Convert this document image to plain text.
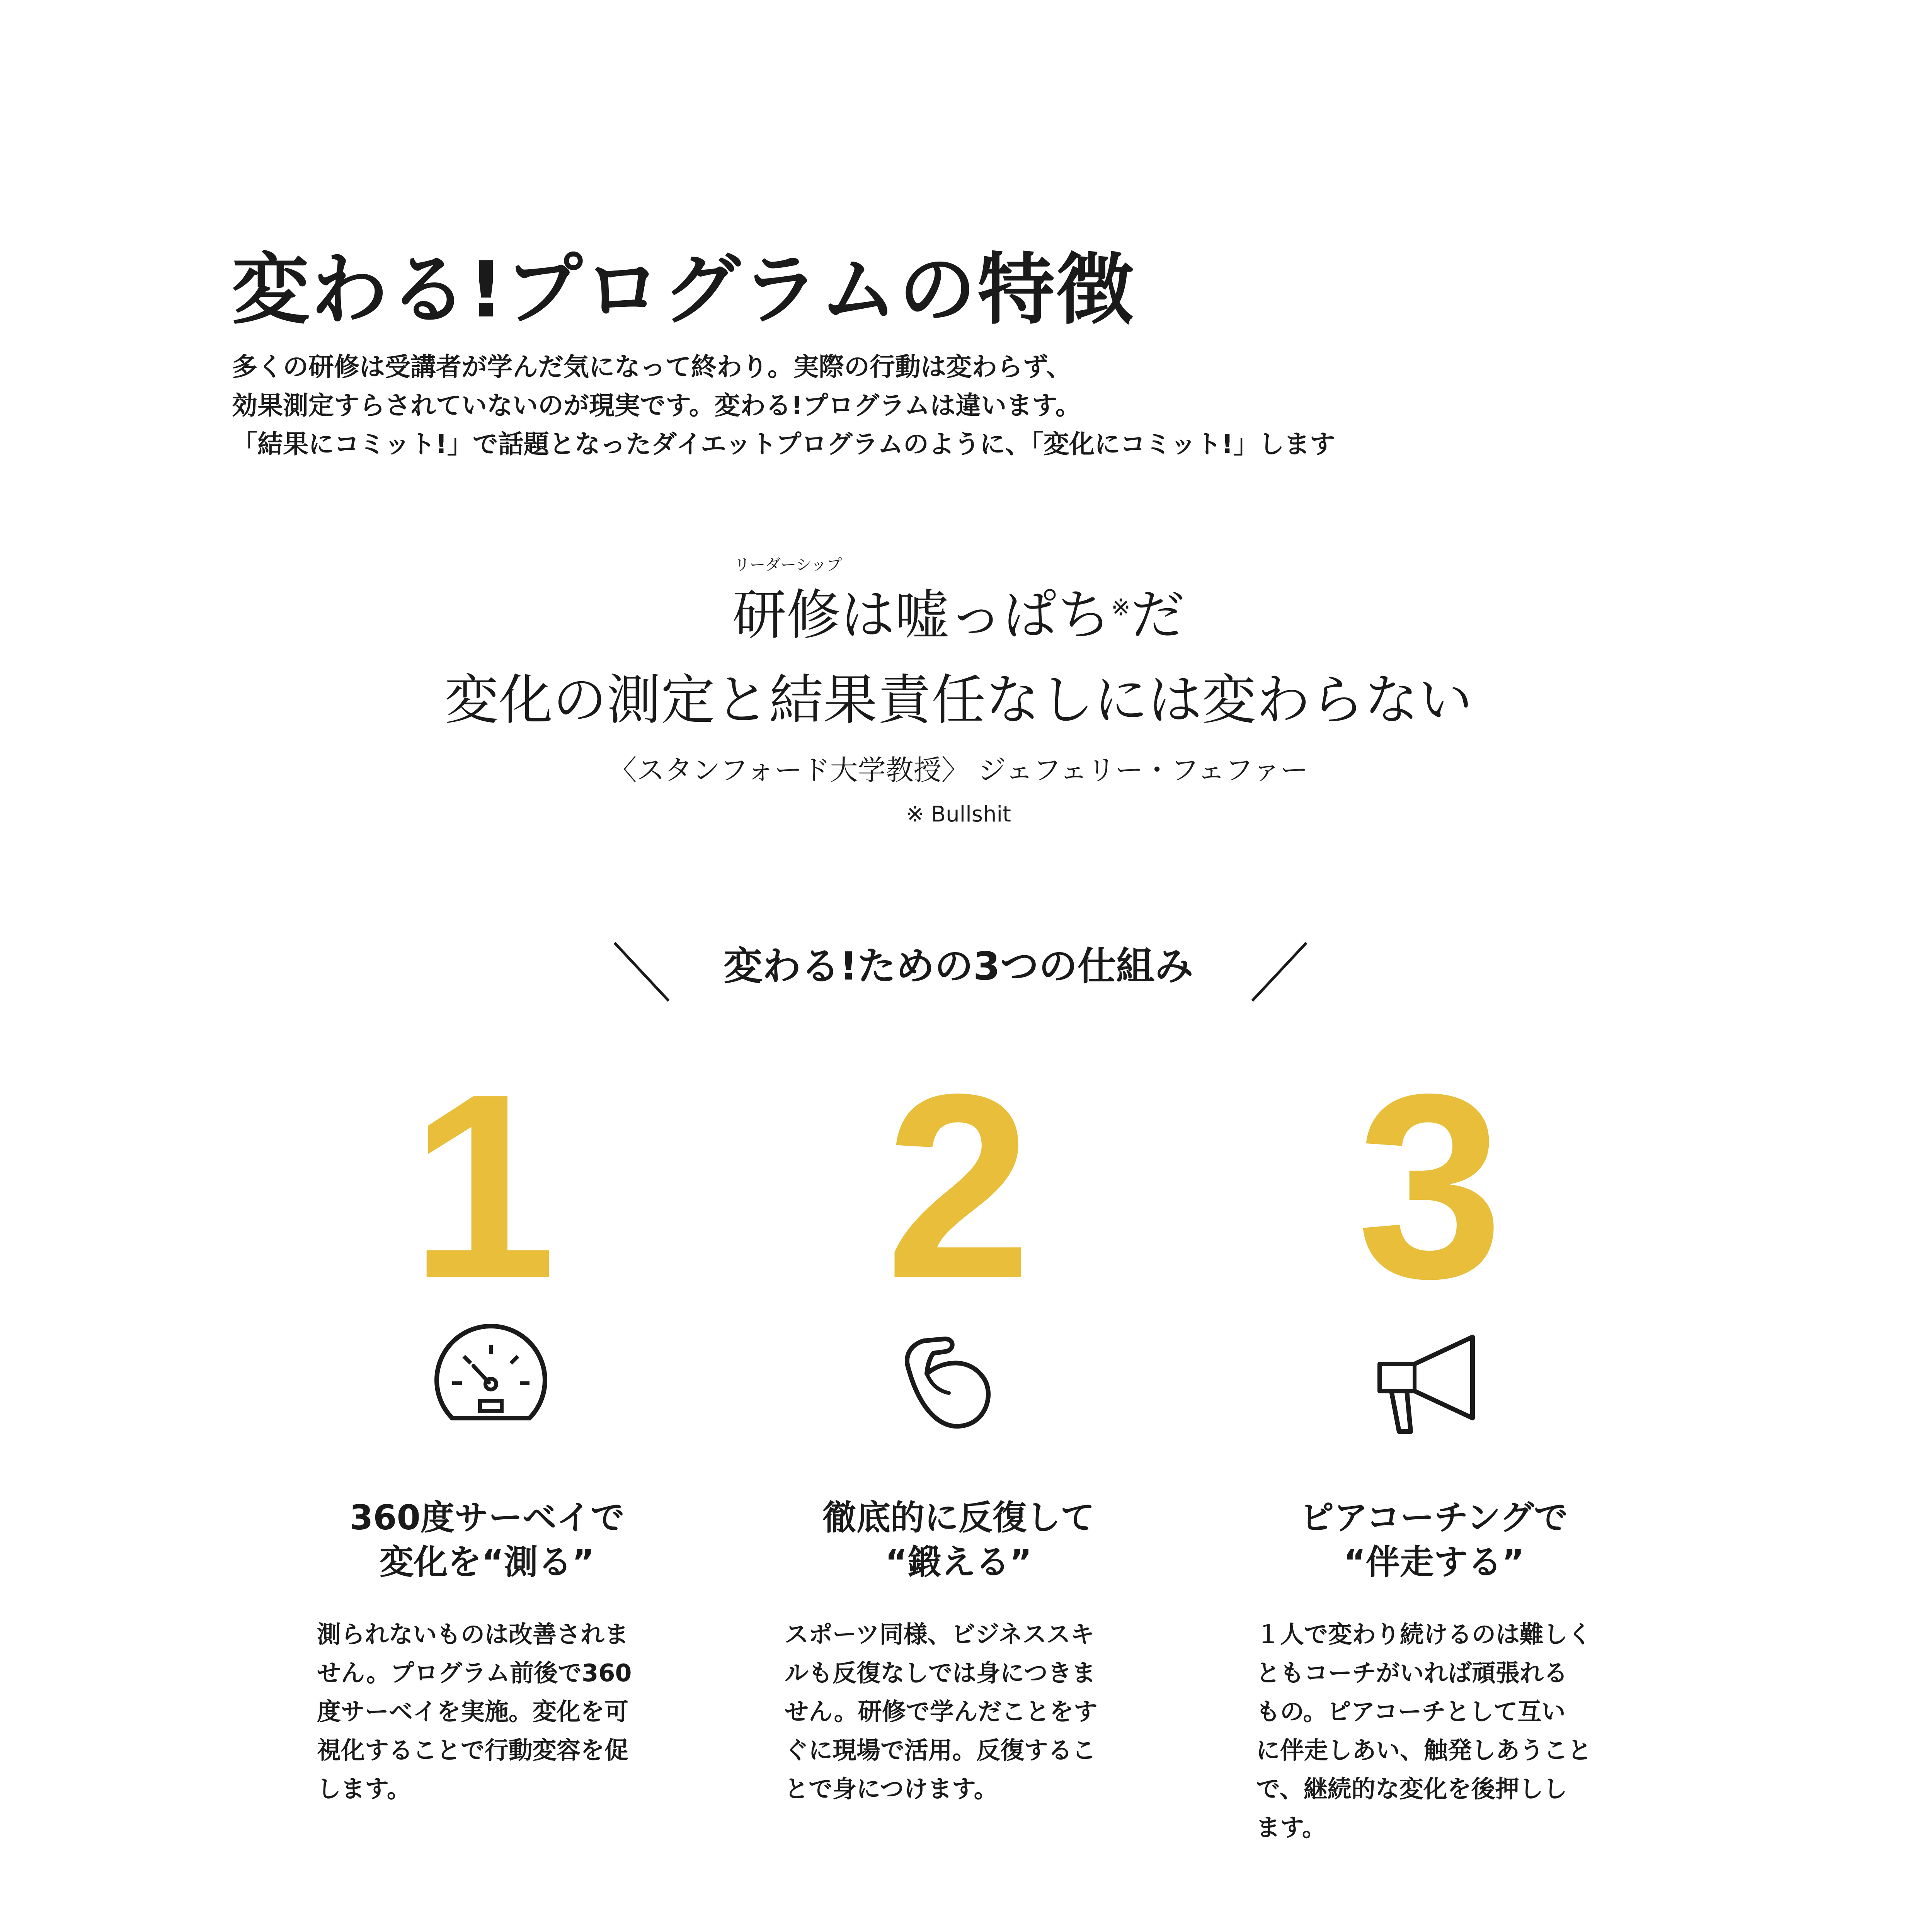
変わる!プログラムの特徴
多くの研修は受講者が学んだ気になって終わり。実際の行動は変わらず、
効果測定すらされていないのが現実です。変わる!プログラムは違います。
「結果にコミット!」で話題となったダイエットプログラムのように、「変化にコミット!」します
リーダーシップ
研修は嘘っぱち※だ
変化の測定と結果責任なしには変わらない
〈スタンフォード大学教授〉 ジェフェリー・フェファー
※ Bullshit
変わる!ための3つの仕組み
1
360度サーベイで
変化を“測る”
測られないものは改善されま
せん。プログラム前後で360
度サーベイを実施。変化を可
視化することで行動変容を促
します。
2
徹底的に反復して
“鍛える”
スポーツ同様、ビジネススキ
ルも反復なしでは身につきま
せん。研修で学んだことをす
ぐに現場で活用。反復するこ
とで身につけます。
3
ピアコーチングで
“伴走する”
１人で変わり続けるのは難しく
ともコーチがいれば頑張れる
もの。ピアコーチとして互い
に伴走しあい、触発しあうこと
で、継続的な変化を後押しし
ます。
